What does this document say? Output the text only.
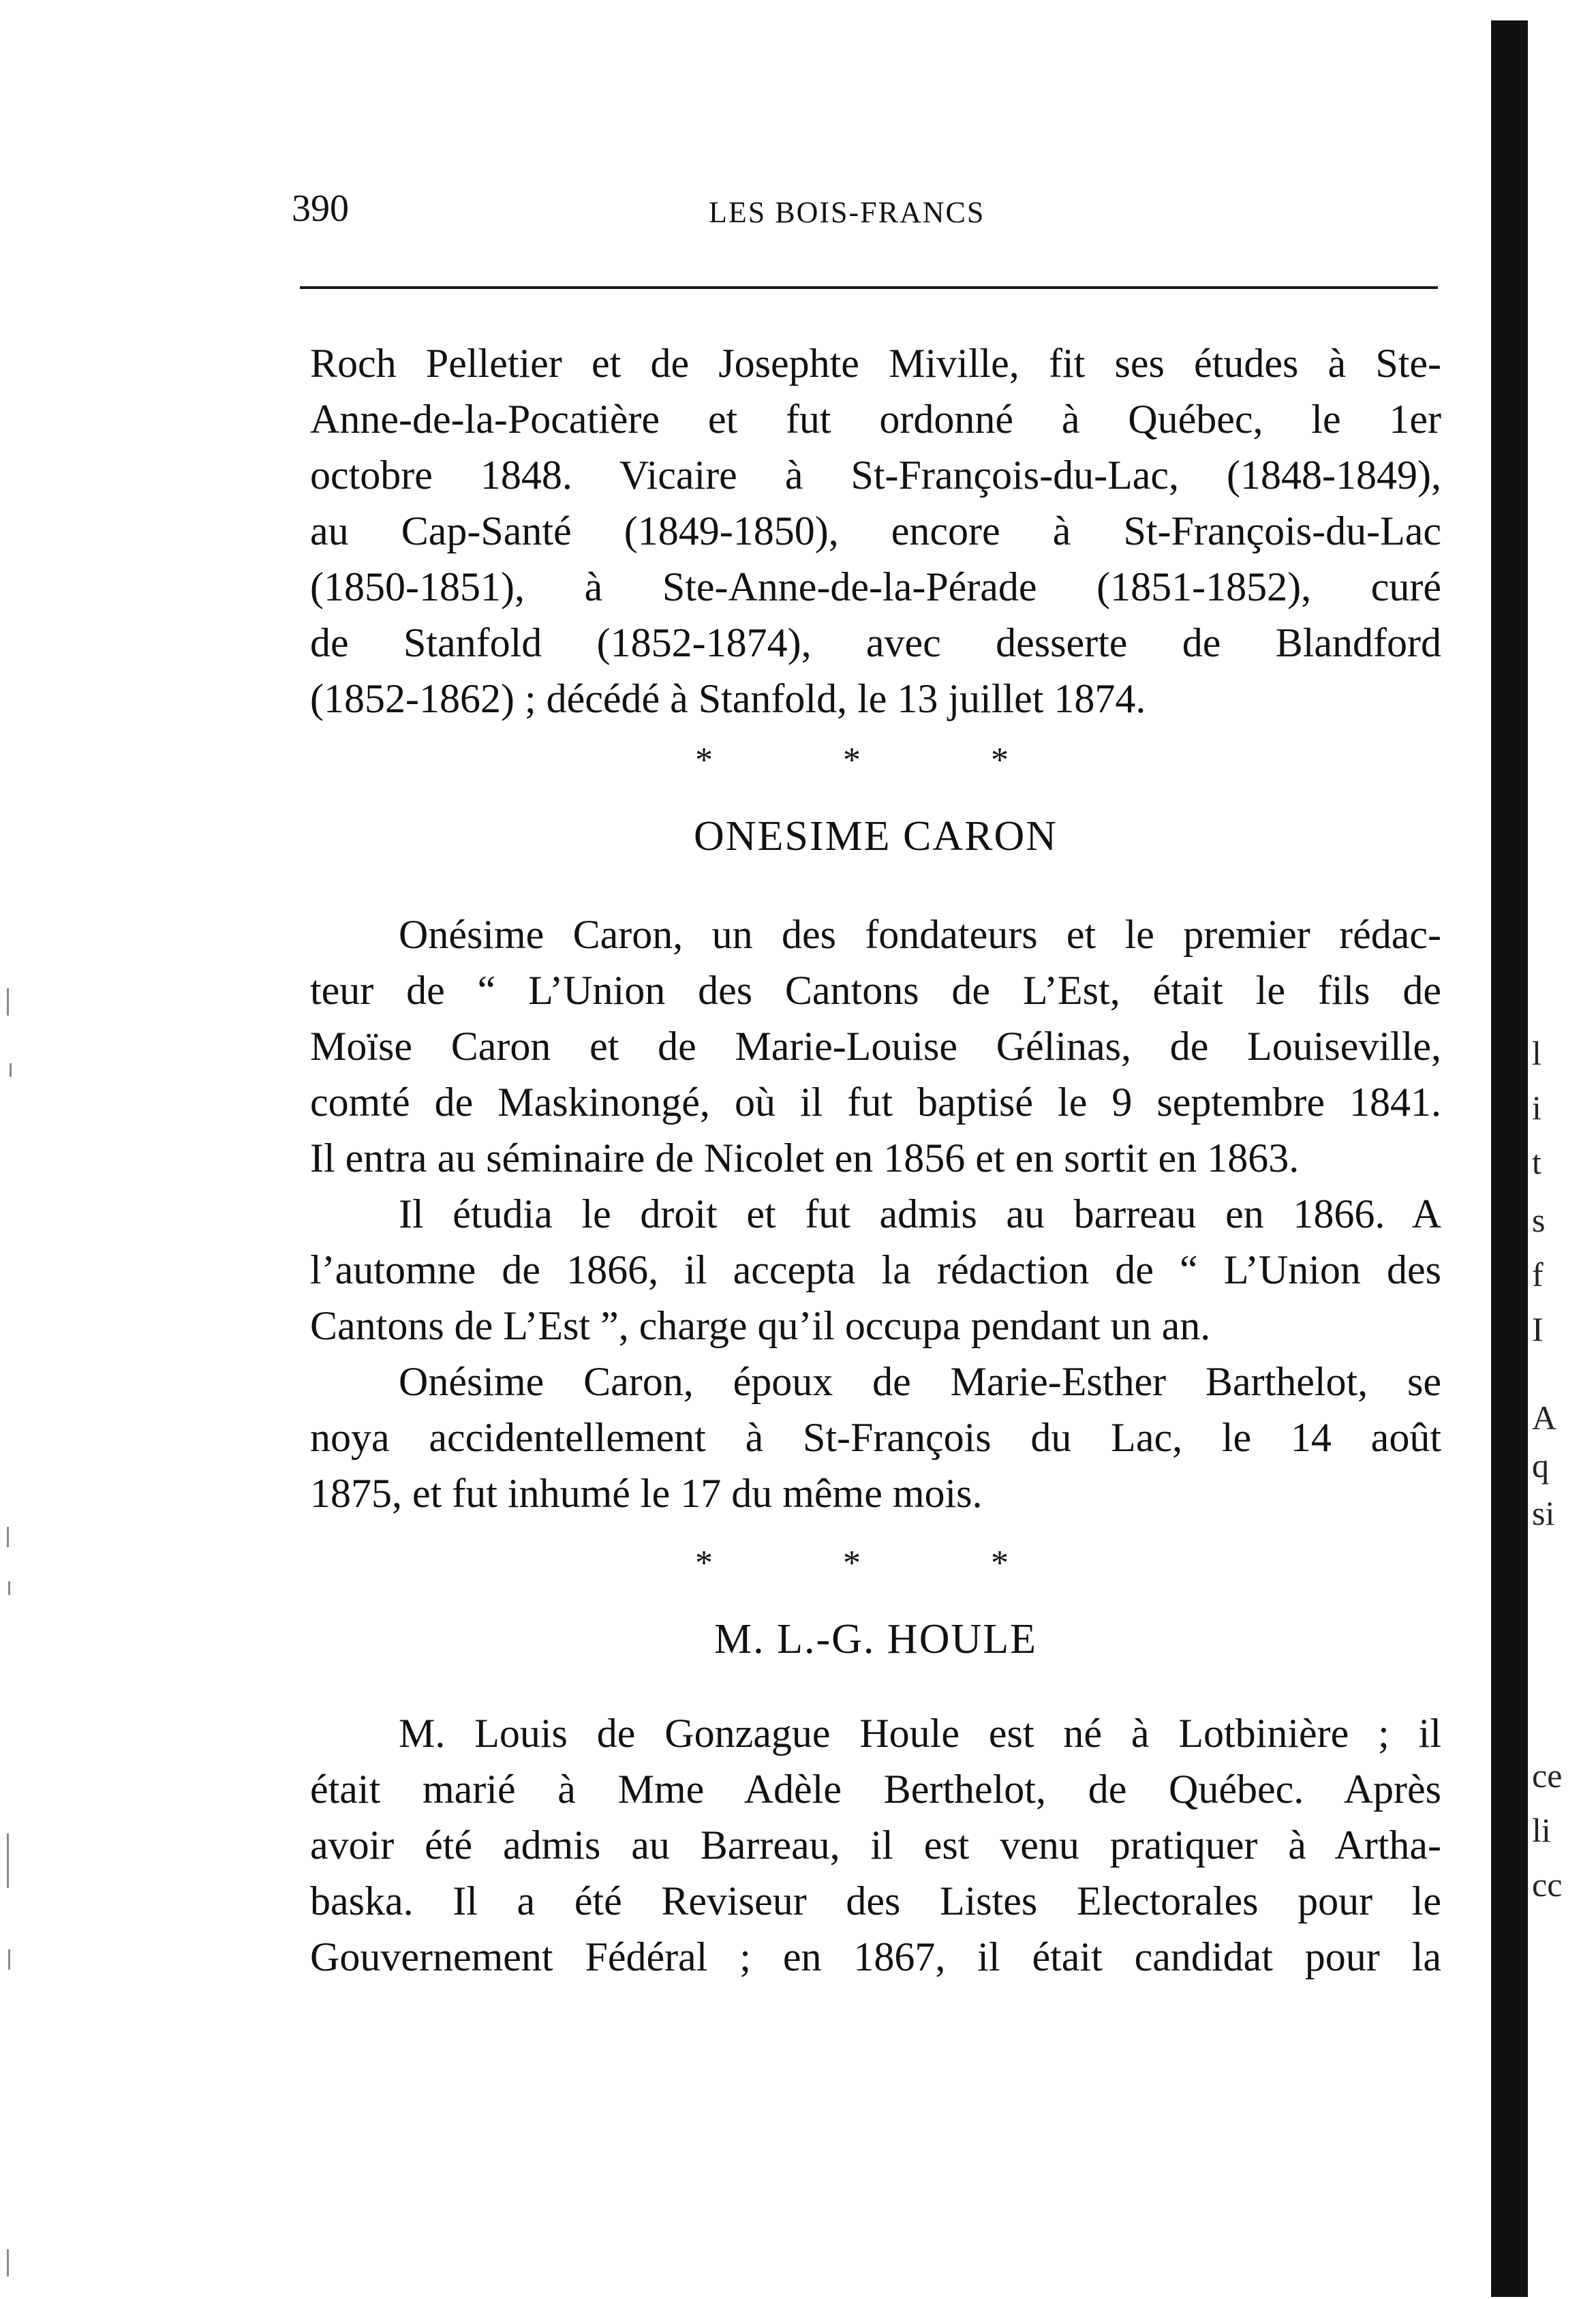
390	LES BOIS-FRANCS
Roch Pelletier et de Josephte Miville, fit ses études à Ste-
Anne-de-la-Pocatière et fut ordonné à Québec, le 1er
octobre 1848. Vicaire à St-François-du-Lac, (1848-1849),
au Cap-Santé (1849-1850), encore à St-François-du-Lac
(1850-1851), à Ste-Anne-de-la-Pérade (1851-1852), curé
de Stanfold (1852-1874), avec desserte de Blandford
(1852-1862) ; décédé à Stanfold, le 13 juillet 1874.
*	*	*
ONESIME CARON
Onésime Caron, un des fondateurs et le premier rédac-
teur de “ L’Union des Cantons de L’Est, était le fils de
Moïse Caron et de Marie-Louise Gélinas, de Louiseville,
comté de Maskinongé, où il fut baptisé le 9 septembre 1841.
Il entra au séminaire de Nicolet en 1856 et en sortit en 1863.
Il étudia le droit et fut admis au barreau en 1866. A
l’automne de 1866, il accepta la rédaction de “ L’Union des
Cantons de L’Est ”, charge qu’il occupa pendant un an.
Onésime Caron, époux de Marie-Esther Barthelot, se
noya accidentellement à St-François du Lac, le 14 août
1875, et fut inhumé le 17 du même mois.
*	*	*
M. L.-G. HOULE
M. Louis de Gonzague Houle est né à Lotbinière ; il
était marié à Mme Adèle Berthelot, de Québec. Après
avoir été admis au Barreau, il est venu pratiquer à Artha-
baska. Il a été Reviseur des Listes Electorales pour le
Gouvernement Fédéral ; en 1867, il était candidat pour la
l
i
t
s
f
I
A
q
si
ce
li
cc
